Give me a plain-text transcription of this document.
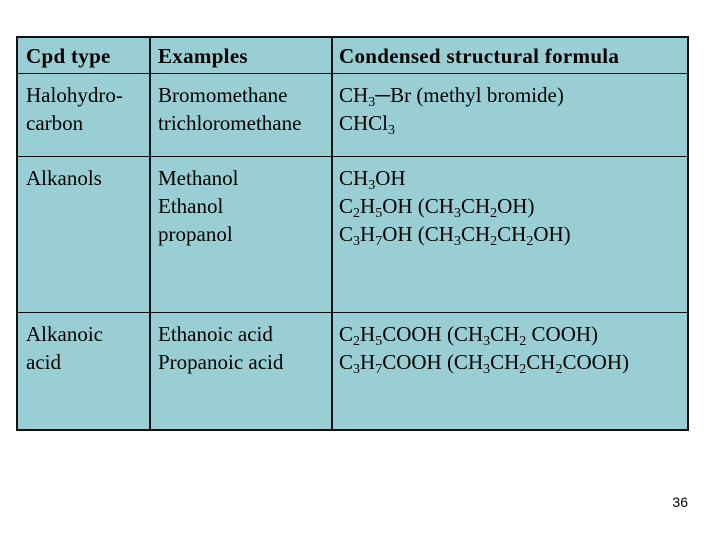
Cpd type Examples	Condensed structural formula
Halohydro-
carbon
Bromomethane
trichloromethane
$CH_3─Br$ (methyl bromide)
CHCl$_3$
Alkanols	Methanol
Ethanol
propanol
$CH_3OH$
$C_2H_5OH$ $(CH_3CH_2OH)$
$C_3H_7OH$ $(CH_3CH_2CH_2OH)$
Alkanoic
acid
Ethanoic acid
Propanoic acid
$C_2H_5COOH$ ($CH_3CH_2$ COOH)
$C_3H_7COOH$ $(CH_3CH_2CH_2COOH)$
36
